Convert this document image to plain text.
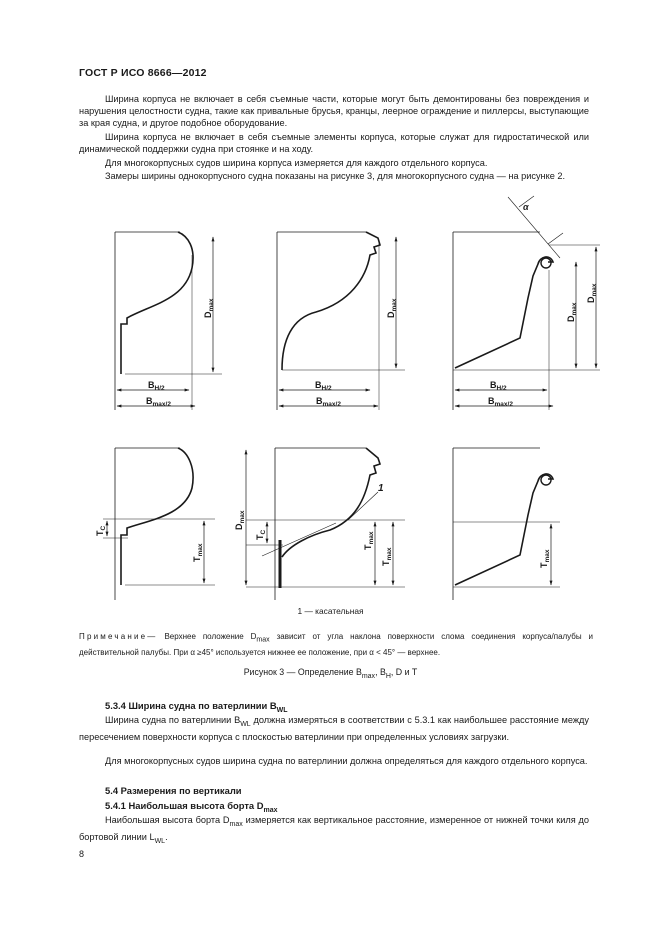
ГОСТ Р ИСО 8666—2012

Ширина корпуса не включает в себя съемные части, которые могут быть демонтированы без повреждения и нарушения целостности судна, такие как привальные брусья, кранцы, леерное ограждение и пиллерсы, выступающие за края судна, и другое подобное оборудование.

Ширина корпуса не включает в себя съемные элементы корпуса, которые служат для гидростатической или динамической поддержки судна при стоянке и на ходу.

Для многокорпусных судов ширина корпуса измеряется для каждого отдельного корпуса.

Замеры ширины однокорпусного судна показаны на рисунке 3, для многокорпусного судна — на рисунке 2.

$D_{max}$
$B_{H/2}$
$B_{max/2}$
$D_{max}$
$B_{H/2}$
$B_{max/2}$
α
$D_{max}$
$D_{max}$
$B_{H/2}$
$B_{max/2}$
$T_C$
$T_{max}$
$D_{max}$
$T_C$
$T_{max}$
$T_{max}$
1
$T_{max}$
1 — касательная

Примечание— Верхнее положение $D_{max}$ зависит от угла наклона поверхности слома соединения корпуса/палубы и действительной палубы. При α ≥45° используется нижнее ее положение, при α < 45° — верхнее.

Рисунок 3 — Определение $B_{max}$, $B_H$, D и T
5.3.4 Ширина судна по ватерлинии $B_{WL}$

Ширина судна по ватерлинии $B_{WL}$ должна измеряться в соответствии с 5.3.1 как наибольшее расстояние между пересечением поверхности корпуса с плоскостью ватерлинии при определенных условиях загрузки.

Для многокорпусных судов ширина судна по ватерлинии должна определяться для каждого отдельного корпуса.

5.4 Размерения по вертикали
5.4.1 Наибольшая высота борта $D_{max}$

Наибольшая высота борта $D_{max}$ измеряется как вертикальное расстояние, измеренное от нижней точки киля до бортовой линии $L_{WL}$.

8
